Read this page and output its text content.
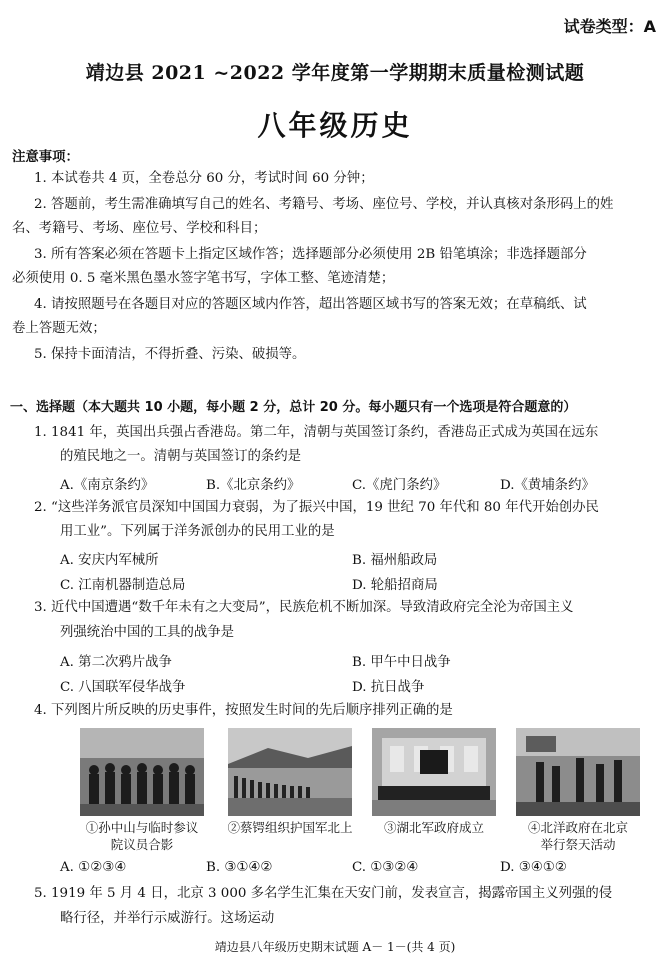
试卷类型：A
靖边县 2021 ~2022 学年度第一学期期末质量检测试题
八年级历史
注意事项：
1. 本试卷共 4 页，全卷总分 60 分，考试时间 60 分钟；
2. 答题前，考生需准确填写自己的姓名、考籍号、考场、座位号、学校，并认真核对条形码上的姓
名、考籍号、考场、座位号、学校和科目；
3. 所有答案必须在答题卡上指定区域作答；选择题部分必须使用 2B 铅笔填涂；非选择题部分
必须使用 0. 5 毫米黑色墨水签字笔书写，字体工整、笔迹清楚；
4. 请按照题号在各题目对应的答题区域内作答，超出答题区域书写的答案无效；在草稿纸、试
卷上答题无效；
5. 保持卡面清洁，不得折叠、污染、破损等。
一、选择题（本大题共 10 小题，每小题 2 分，总计 20 分。每小题只有一个选项是符合题意的）
1. 1841 年，英国出兵强占香港岛。第二年，清朝与英国签订条约，香港岛正式成为英国在远东
的殖民地之一。清朝与英国签订的条约是
A.《南京条约》	B.《北京条约》	C.《虎门条约》	D.《黄埔条约》
2. “这些洋务派官员深知中国国力衰弱，为了振兴中国，19 世纪 70 年代和 80 年代开始创办民
用工业”。下列属于洋务派创办的民用工业的是
A. 安庆内军械所	B. 福州船政局
C. 江南机器制造总局	D. 轮船招商局
3. 近代中国遭遇“数千年未有之大变局”，民族危机不断加深。导致清政府完全沦为帝国主义
列强统治中国的工具的战争是
A. 第二次鸦片战争	B. 甲午中日战争
C. 八国联军侵华战争	D. 抗日战争
4. 下列图片所反映的历史事件，按照发生时间的先后顺序排列正确的是
①孙中山与临时参议
院议员合影
②蔡锷组织护国军北上	③湖北军政府成立	④北洋政府在北京
举行祭天活动
A. ①②③④	B. ③①④②	C. ①③②④	D. ③④①②
5. 1919 年 5 月 4 日，北京 3 000 多名学生汇集在天安门前，发表宣言，揭露帝国主义列强的侵
略行径，并举行示威游行。这场运动
靖边县八年级历史期末试题 A－ 1－(共 4 页)
